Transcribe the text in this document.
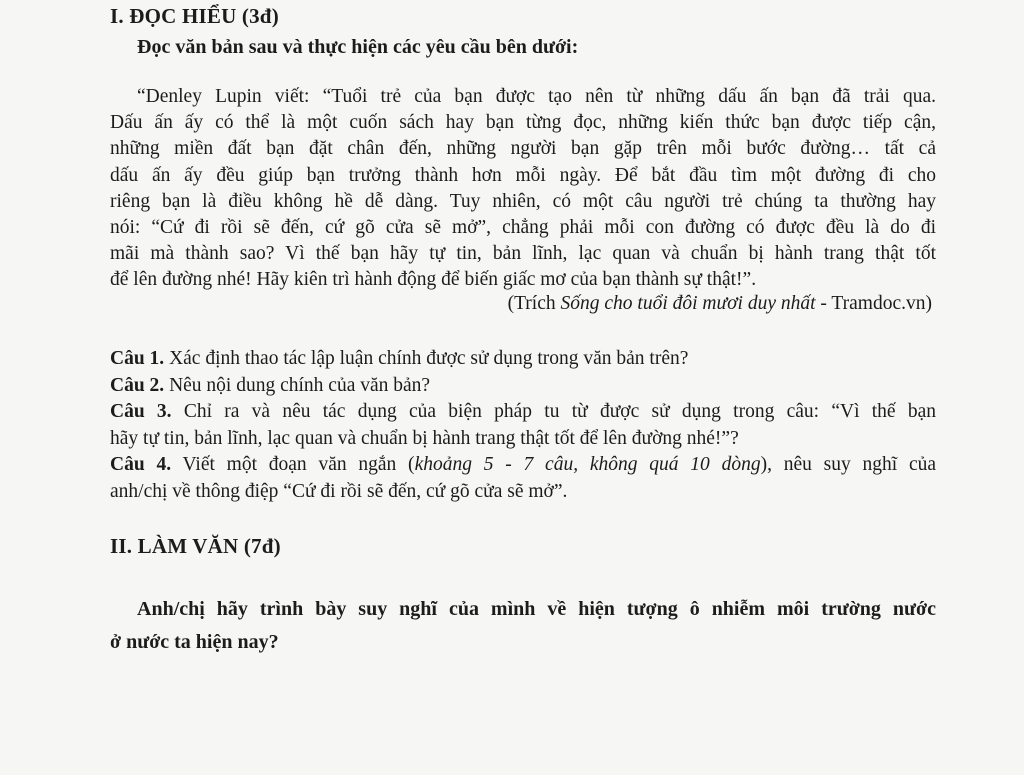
I. ĐỌC HIỂU (3đ)
Đọc văn bản sau và thực hiện các yêu cầu bên dưới:
“Denley Lupin viết: “Tuổi trẻ của bạn được tạo nên từ những dấu ấn bạn đã trải qua.
Dấu ấn ấy có thể là một cuốn sách hay bạn từng đọc, những kiến thức bạn được tiếp cận,
những miền đất bạn đặt chân đến, những người bạn gặp trên mỗi bước đường… tất cả
dấu ấn ấy đều giúp bạn trưởng thành hơn mỗi ngày. Để bắt đầu tìm một đường đi cho
riêng bạn là điều không hề dễ dàng. Tuy nhiên, có một câu người trẻ chúng ta thường hay
nói: “Cứ đi rồi sẽ đến, cứ gõ cửa sẽ mở”, chẳng phải mỗi con đường có được đều là do đi
mãi mà thành sao? Vì thế bạn hãy tự tin, bản lĩnh, lạc quan và chuẩn bị hành trang thật tốt
để lên đường nhé! Hãy kiên trì hành động để biến giấc mơ của bạn thành sự thật!”.
(Trích Sống cho tuổi đôi mươi duy nhất - Tramdoc.vn)
Câu 1. Xác định thao tác lập luận chính được sử dụng trong văn bản trên?
Câu 2. Nêu nội dung chính của văn bản?
Câu 3. Chỉ ra và nêu tác dụng của biện pháp tu từ được sử dụng trong câu: “Vì thế bạn
hãy tự tin, bản lĩnh, lạc quan và chuẩn bị hành trang thật tốt để lên đường nhé!”?
Câu 4. Viết một đoạn văn ngắn (khoảng 5 - 7 câu, không quá 10 dòng), nêu suy nghĩ của
anh/chị về thông điệp “Cứ đi rồi sẽ đến, cứ gõ cửa sẽ mở”.
II. LÀM VĂN (7đ)
Anh/chị hãy trình bày suy nghĩ của mình về hiện tượng ô nhiễm môi trường nước
ở nước ta hiện nay?
